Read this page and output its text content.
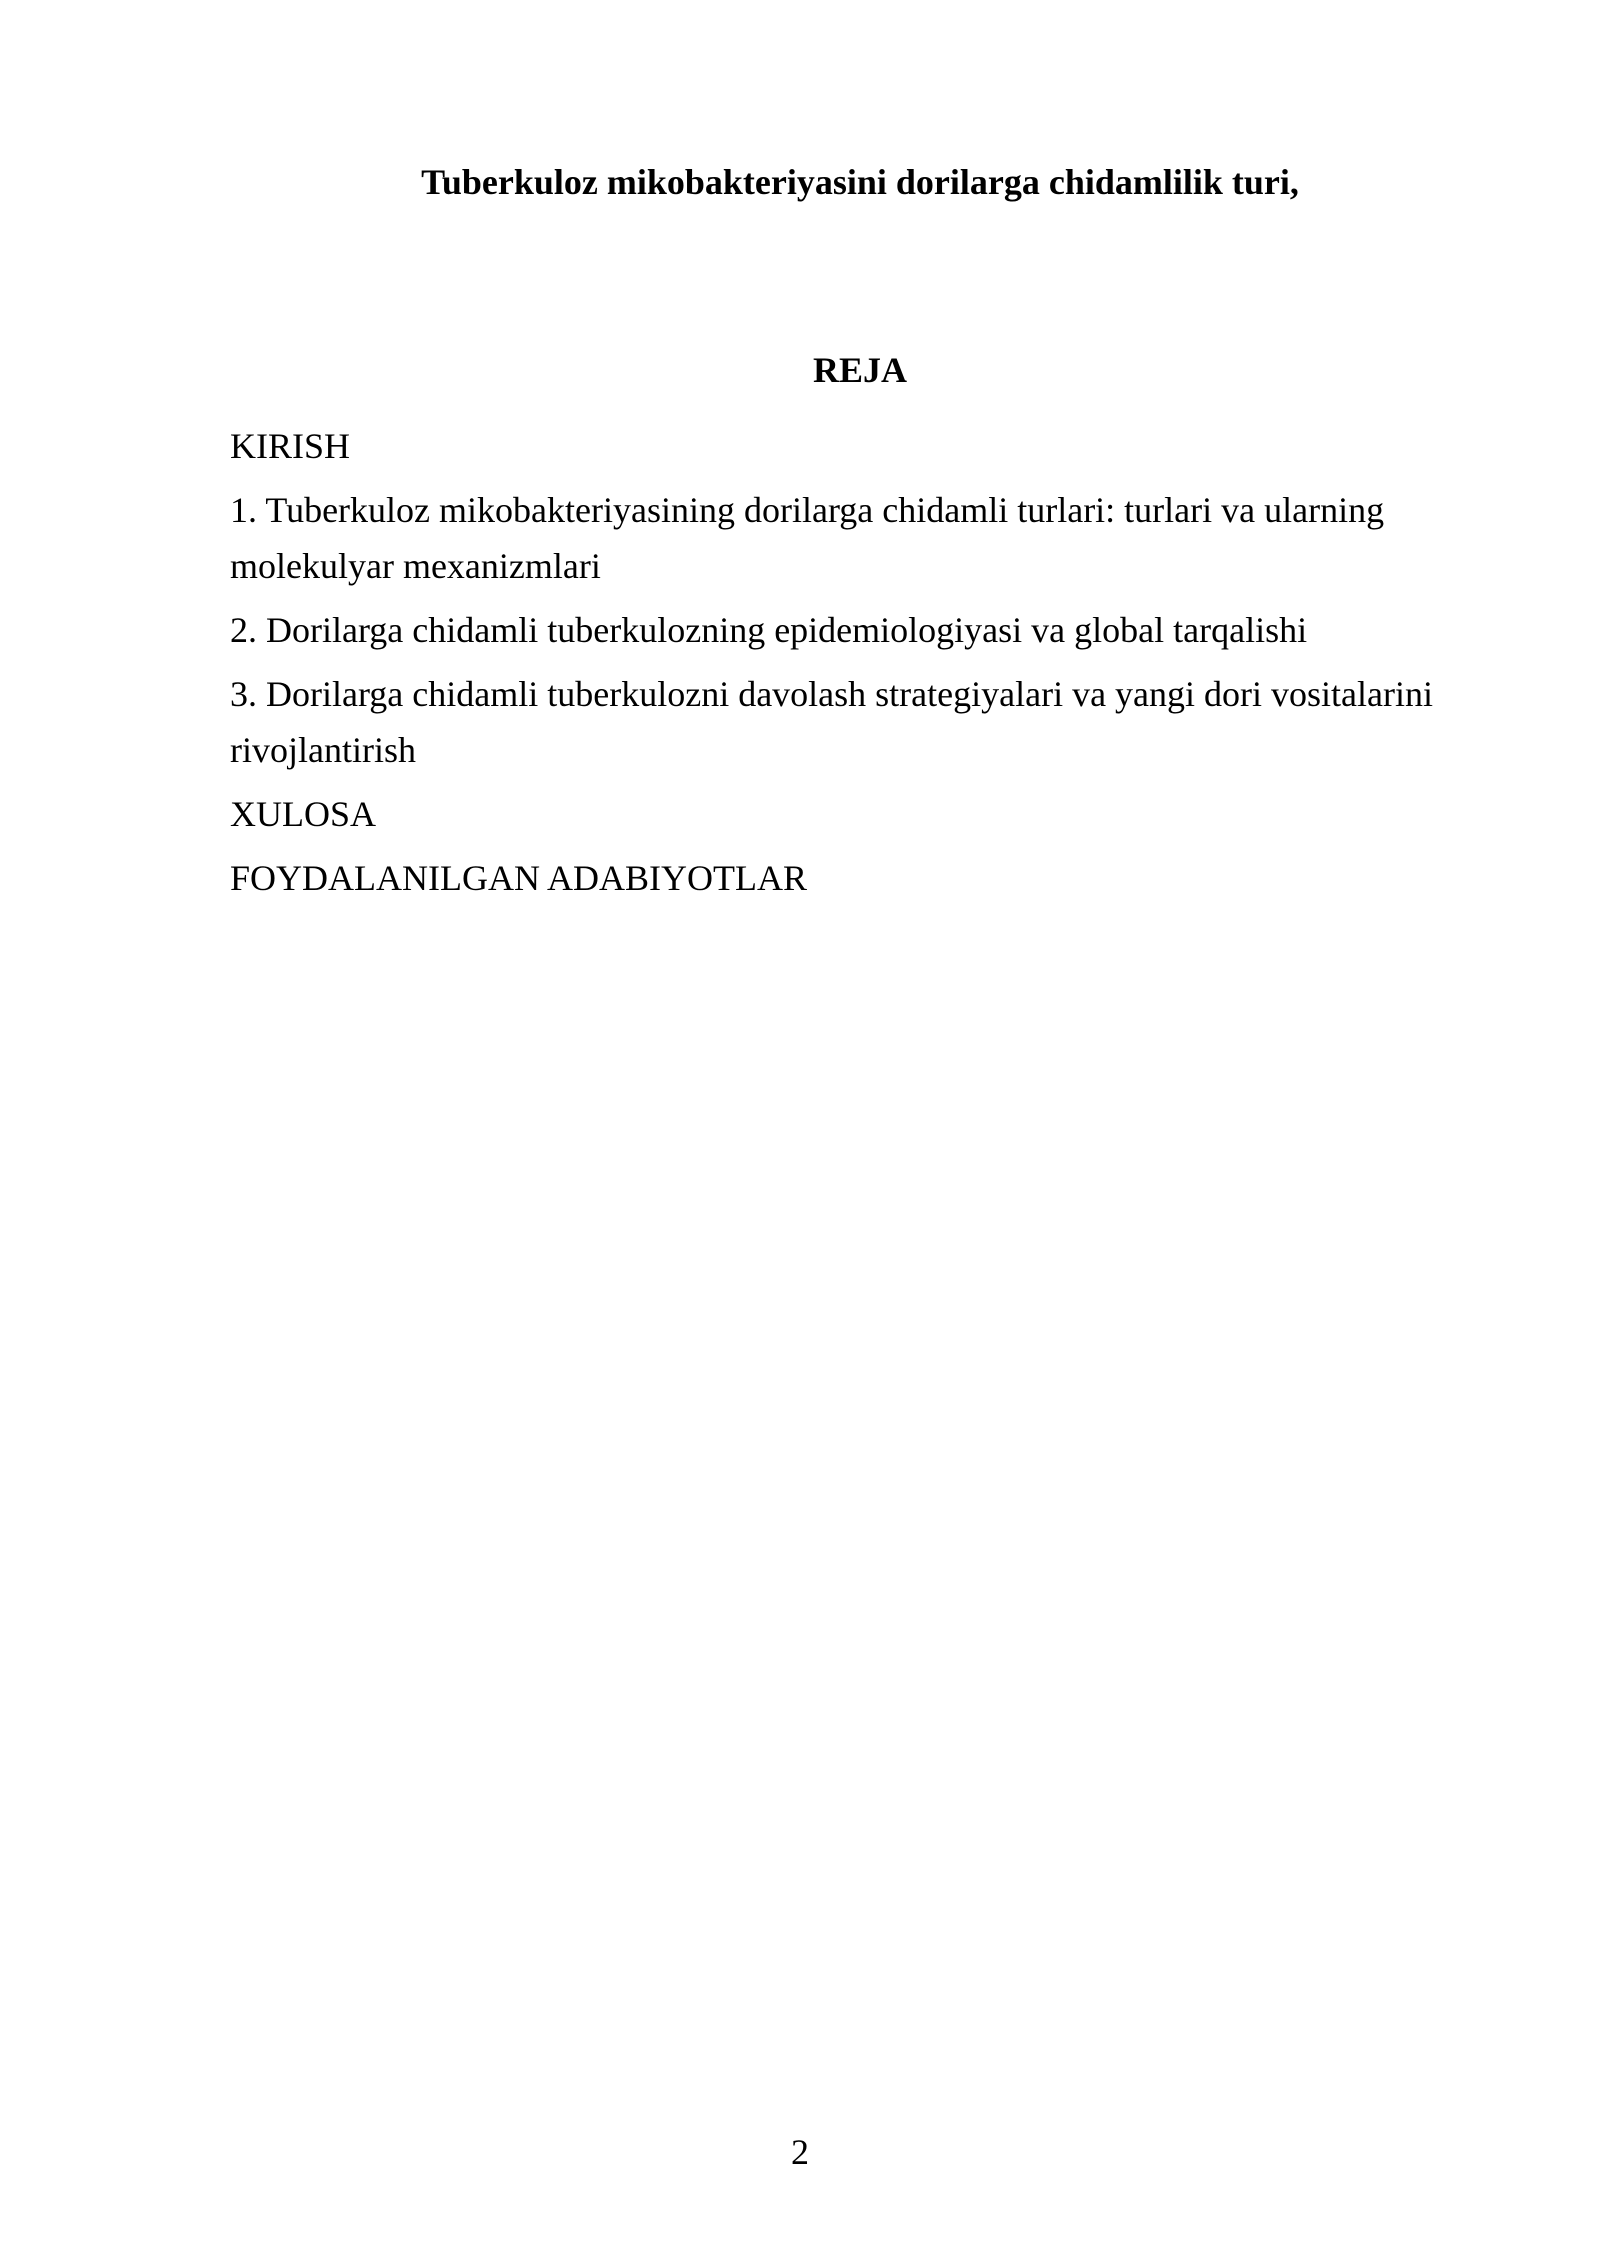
Tuberkuloz mikobakteriyasini dorilarga chidamlilik turi,
REJA
KIRISH
1. Tuberkuloz mikobakteriyasining dorilarga chidamli turlari: turlari va ularning molekulyar mexanizmlari
2. Dorilarga chidamli tuberkulozning epidemiologiyasi va global tarqalishi
3. Dorilarga chidamli tuberkulozni davolash strategiyalari va yangi dori vositalarini rivojlantirish
XULOSA
FOYDALANILGAN ADABIYOTLAR
2
